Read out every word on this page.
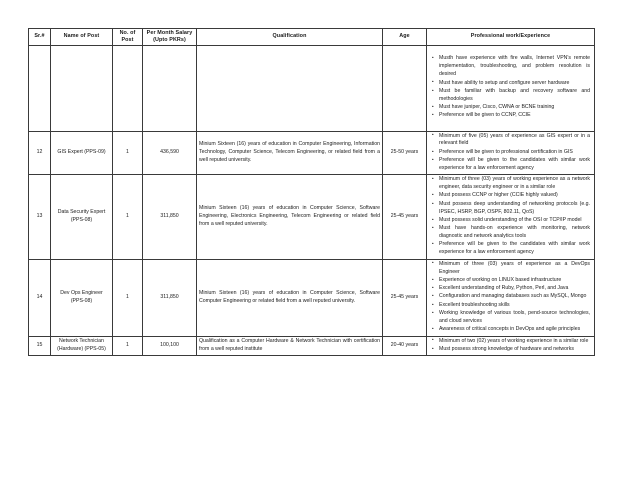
Sr.#	Name of Post	No. of Post	Per Month Salary (Upto PKRs)	Qualification	Age	Professional work/Experience

• Musth have experience with fire walls, Internet VPN's remote implementation, troubleshooting, and problem resolution is desired
• Must have ability to setup and configure server hardware
• Must be familiar with backup and recovery software and methodologies
• Must have juniper, Cisco, CWNA or BCNE training
• Preference will be given to CCNP, CCIE

12	GIS Expert (PPS-09)	1	436,590	Minium Sixteen (16) years of education in Computer Engineering, Information Technology, Computer Science, Telecom Engineering, or related field from a well reputed university.	25-50 years	
• Minimum of five (05) years of experience as GIS expert or in a relevant field
• Preference will be given to professional certification in GIS
• Preference will be given to the candidates with similar work experience for a law enforcement agency

13	Data Security Expert (PPS-08)	1	311,850	Minium Sixteen (16) years of education in Computer Science, Software Engineering, Electronics Engineering, Telecom Engineering or related field from a well reputed university.	25-45 years	
• Minimum of three (03) years of working experience as a network engineer, data security engineer or in a similar role
• Must possess CCNP or higher (CCIE highly valued)
• Must possess deep understanding of networking protocols (e.g. IPSEC, HSRP, BGP, OSPF, 802.11, QoS)
• Must possess solid understanding of the OSI or TCP/IP model
• Must have hands-on experience with monitoring, network diagnostic and network analytics tools
• Preference will be given to the candidates with similar work experience for a law enforcement agency

14	Dev Ops Engineer (PPS-08)	1	311,850	Minium Sixteen (16) years of education in Computer Science, Software Computer Engineering or related field from a well reputed university.	25-45 years	
• Minimum of three (03) years of experience as a DevOps Engineer
• Experience of working on LINUX based infrastructure
• Excellent understanding of Ruby, Python, Perl, and Java
• Configuration and managing databases such as MySQL, Mongo
• Excellent troubleshooting skills
• Working knowledge of various tools, pend-source technologies, and cloud services
• Awareness of critical concepts in DevOps and agile principles

15	Network Technician (Hardware) (PPS-05)	1	100,100	Qualification as a Computer Hardware & Network Technician with certification from a well reputed institute	20-40 years	
• Minimum of two (02) years of working experience in a similar role
• Must possess strong knowledge of hardware and networks
